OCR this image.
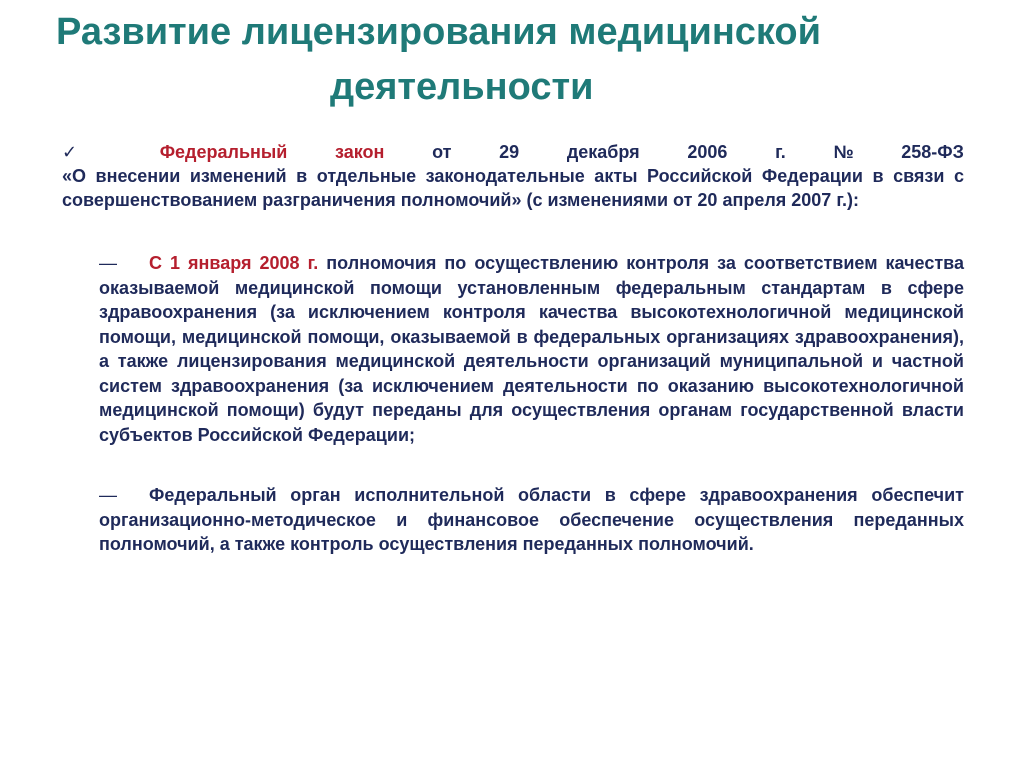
Развитие лицензирования медицинской
деятельности
✓	Федеральный	закон	от	29	декабря	2006	г.	№	258-ФЗ
«О внесении изменений в отдельные законодательные акты Российской Федерации в связи с совершенствованием разграничения полномочий» (с изменениями от 20 апреля 2007 г.):
— С 1 января 2008 г. полномочия по осуществлению контроля за соответствием качества оказываемой медицинской помощи установленным федеральным стандартам в сфере здравоохранения (за исключением контроля качества высокотехнологичной медицинской помощи, медицинской помощи, оказываемой в федеральных организациях здравоохранения), а также лицензирования медицинской деятельности организаций муниципальной и частной систем здравоохранения (за исключением деятельности по оказанию высокотехнологичной медицинской помощи) будут переданы для осуществления органам государственной власти субъектов Российской Федерации;
— Федеральный орган исполнительной области в сфере здравоохранения обеспечит организационно-методическое и финансовое обеспечение осуществления переданных полномочий, а также контроль осуществления переданных полномочий.
